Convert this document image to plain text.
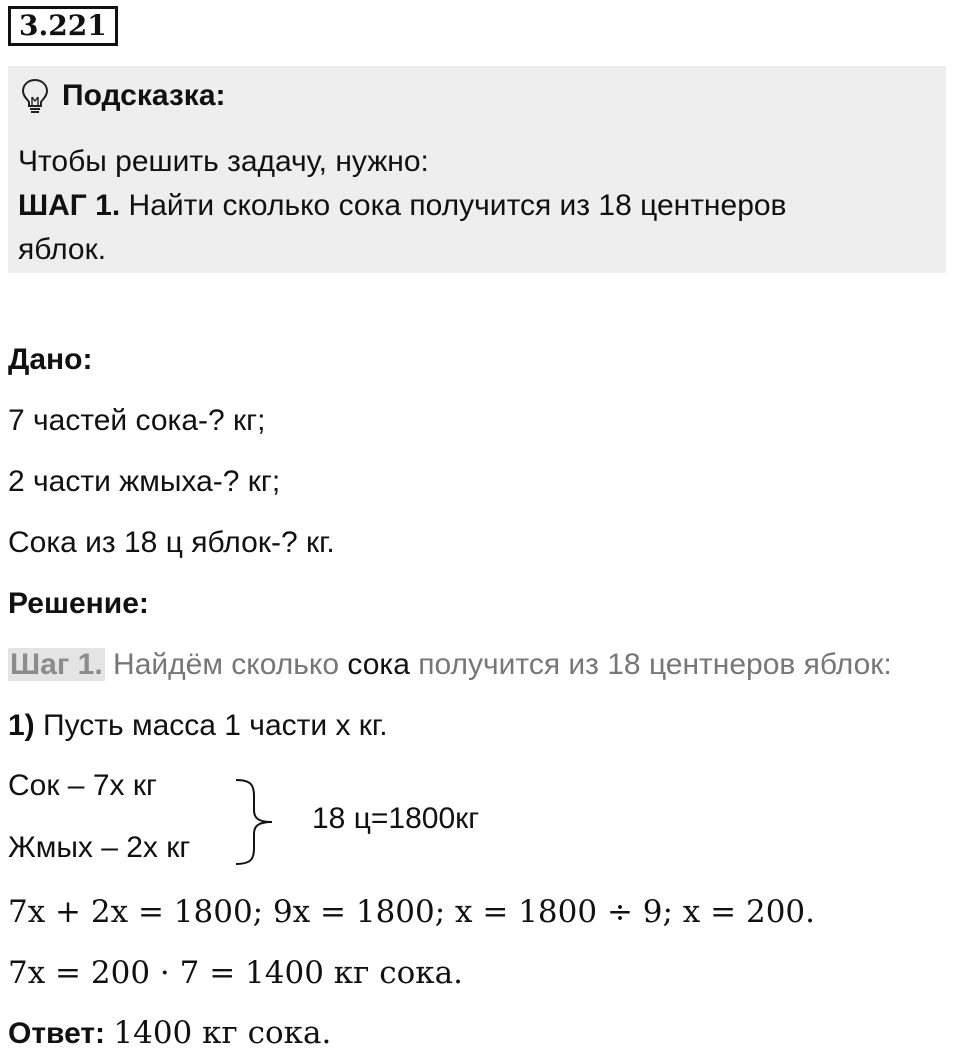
3.221
Подсказка:
Чтобы решить задачу, нужно:
ШАГ 1. Найти сколько сока получится из 18 центнеров
яблок.
Дано:
7 частей сока-? кг;
2 части жмыха-? кг;
Сока из 18 ц яблок-? кг.
Решение:
Шаг 1. Найдём сколько сока получится из 18 центнеров яблок:
1) Пусть масса 1 части х кг.
Сок – 7х кг
Жмых – 2х кг
18 ц=1800кг
7x + 2x = 1800; 9x = 1800; x = 1800 ÷ 9; x = 200.
7x = 200 · 7 = 1400 кг сока.
Ответ: 1400 кг сока.
